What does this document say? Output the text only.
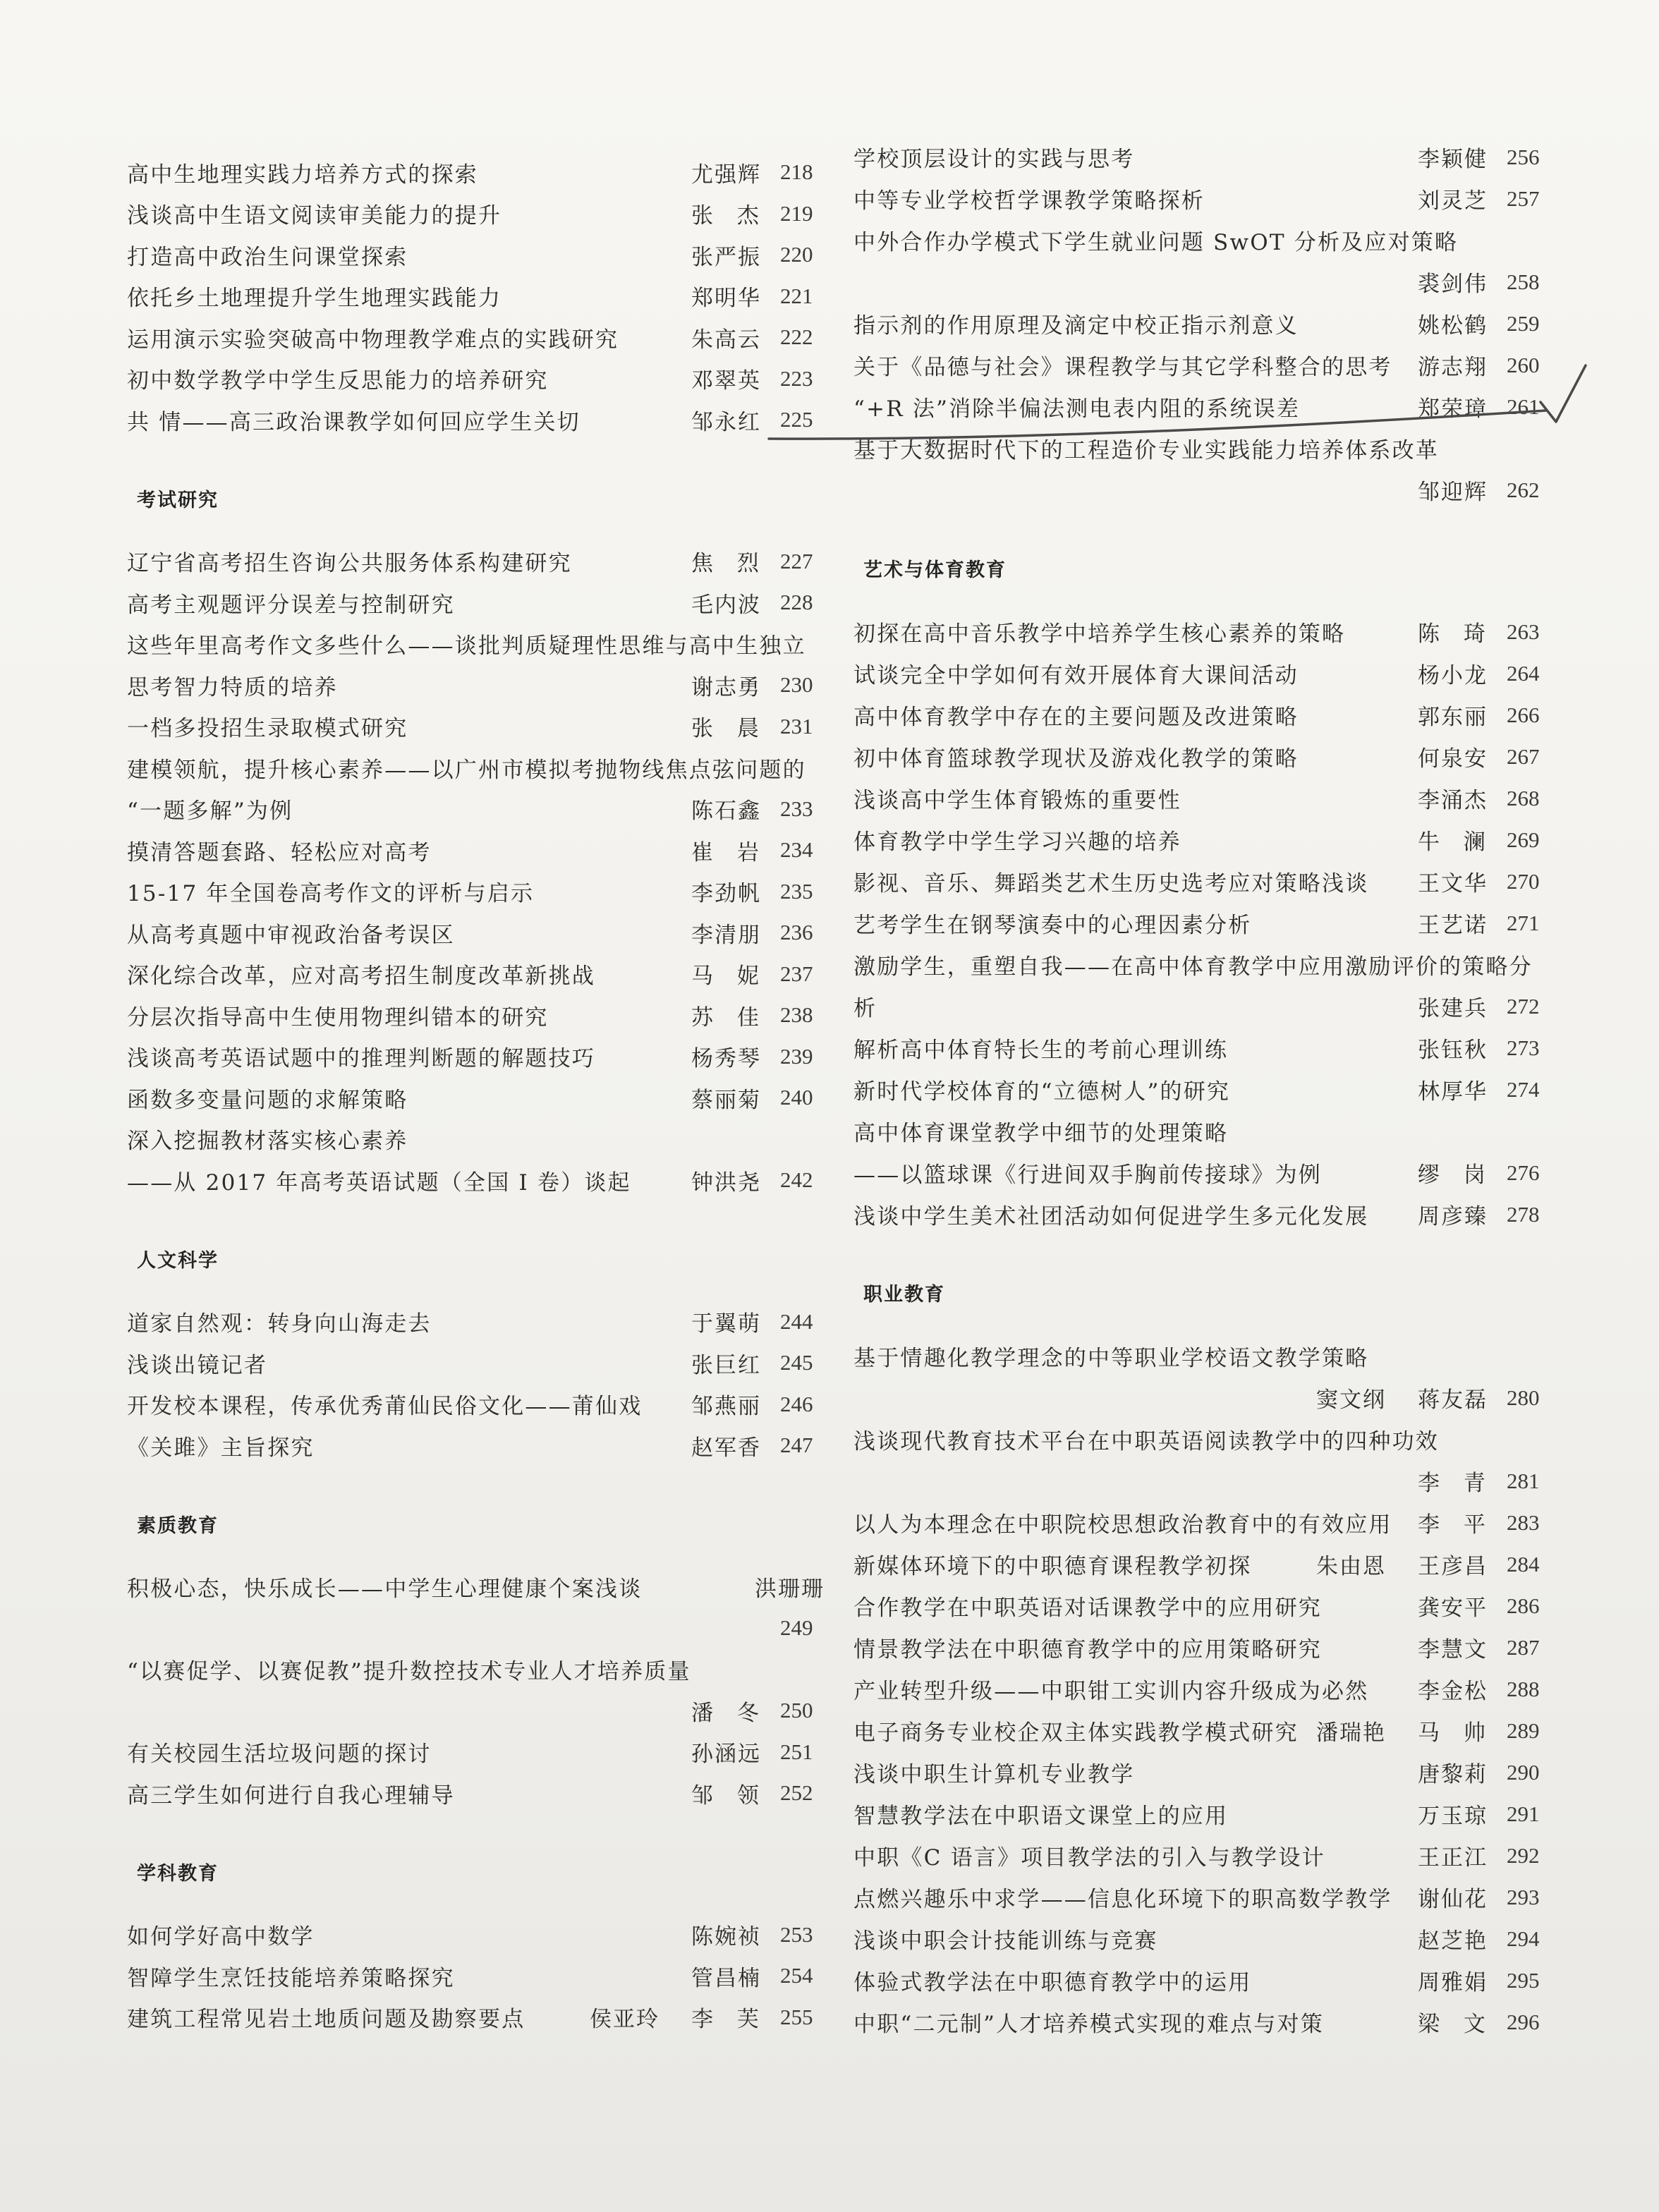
高中生地理实践力培养方式的探索	尤强辉 218
浅谈高中生语文阅读审美能力的提升	张 杰 219
打造高中政治生问课堂探索	张严振 220
依托乡土地理提升学生地理实践能力	郑明华 221
运用演示实验突破高中物理教学难点的实践研究	朱高云 222
初中数学教学中学生反思能力的培养研究	邓翠英 223
共 情——高三政治课教学如何回应学生关切	邹永红 225
考试研究
辽宁省高考招生咨询公共服务体系构建研究	焦 烈 227
高考主观题评分误差与控制研究	毛内波 228
这些年里高考作文多些什么——谈批判质疑理性思维与高中生独立
思考智力特质的培养	谢志勇 230
一档多投招生录取模式研究	张 晨 231
建模领航，提升核心素养——以广州市模拟考抛物线焦点弦问题的
“一题多解”为例	陈石鑫 233
摸清答题套路、轻松应对高考	崔 岩 234
15-17 年全国卷高考作文的评析与启示	李劲帆 235
从高考真题中审视政治备考误区	李清朋 236
深化综合改革，应对高考招生制度改革新挑战	马 妮 237
分层次指导高中生使用物理纠错本的研究	苏 佳 238
浅谈高考英语试题中的推理判断题的解题技巧	杨秀琴 239
函数多变量问题的求解策略	蔡丽菊 240
深入挖掘教材落实核心素养
——从 2017 年高考英语试题（全国 I 卷）谈起	钟洪尧 242
人文科学
道家自然观：转身向山海走去	于翼萌 244
浅谈出镜记者	张巨红 245
开发校本课程，传承优秀莆仙民俗文化——莆仙戏	邹燕丽 246
《关雎》主旨探究	赵军香 247
素质教育
积极心态，快乐成长——中学生心理健康个案浅谈	洪珊珊
249
“以赛促学、以赛促教”提升数控技术专业人才培养质量
潘 冬 250
有关校园生活垃圾问题的探讨	孙涵远 251
高三学生如何进行自我心理辅导	邹 领 252
学科教育
如何学好高中数学	陈婉祯 253
智障学生烹饪技能培养策略探究	管昌楠 254
建筑工程常见岩土地质问题及勘察要点	侯亚玲 李 芙 255
学校顶层设计的实践与思考	李颖健 256
中等专业学校哲学课教学策略探析	刘灵芝 257
中外合作办学模式下学生就业问题 SwOT 分析及应对策略
裘剑伟 258
指示剂的作用原理及滴定中校正指示剂意义	姚松鹤 259
关于《品德与社会》课程教学与其它学科整合的思考	游志翔 260
“+R 法”消除半偏法测电表内阻的系统误差	郑荣璋 261
基于大数据时代下的工程造价专业实践能力培养体系改革
邹迎辉 262
艺术与体育教育
初探在高中音乐教学中培养学生核心素养的策略	陈 琦 263
试谈完全中学如何有效开展体育大课间活动	杨小龙 264
高中体育教学中存在的主要问题及改进策略	郭东丽 266
初中体育篮球教学现状及游戏化教学的策略	何泉安 267
浅谈高中学生体育锻炼的重要性	李涌杰 268
体育教学中学生学习兴趣的培养	牛 澜 269
影视、音乐、舞蹈类艺术生历史选考应对策略浅谈	王文华 270
艺考学生在钢琴演奏中的心理因素分析	王艺诺 271
激励学生，重塑自我——在高中体育教学中应用激励评价的策略分
析	张建兵 272
解析高中体育特长生的考前心理训练	张钰秋 273
新时代学校体育的“立德树人”的研究	林厚华 274
高中体育课堂教学中细节的处理策略
——以篮球课《行进间双手胸前传接球》为例	缪 岗 276
浅谈中学生美术社团活动如何促进学生多元化发展	周彦臻 278
职业教育
基于情趣化教学理念的中等职业学校语文教学策略
窦文纲 蒋友磊 280
浅谈现代教育技术平台在中职英语阅读教学中的四种功效
李 青 281
以人为本理念在中职院校思想政治教育中的有效应用	李 平 283
新媒体环境下的中职德育课程教学初探	朱由恩 王彦昌 284
合作教学在中职英语对话课教学中的应用研究	龚安平 286
情景教学法在中职德育教学中的应用策略研究	李慧文 287
产业转型升级——中职钳工实训内容升级成为必然	李金松 288
电子商务专业校企双主体实践教学模式研究 潘瑞艳 马 帅 289
浅谈中职生计算机专业教学	唐黎莉 290
智慧教学法在中职语文课堂上的应用	万玉琼 291
中职《C 语言》项目教学法的引入与教学设计	王正江 292
点燃兴趣乐中求学——信息化环境下的职高数学教学	谢仙花 293
浅谈中职会计技能训练与竞赛	赵芝艳 294
体验式教学法在中职德育教学中的运用	周雅娟 295
中职“二元制”人才培养模式实现的难点与对策	梁 文 296
